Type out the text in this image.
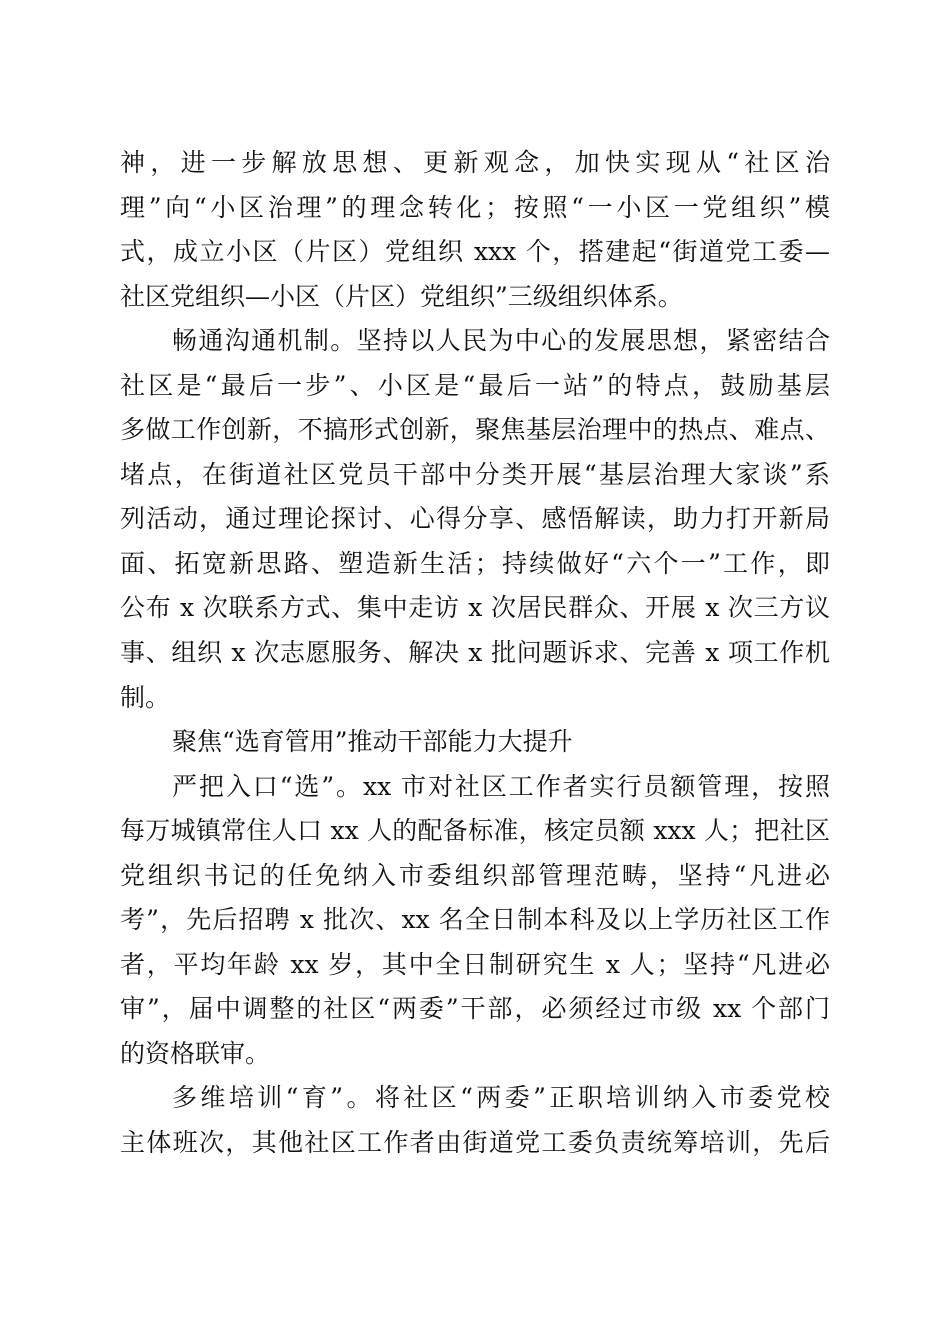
神，进一步解放思想、更新观念，加快实现从“社区治
理”向“小区治理”的理念转化；按照“一小区一党组织”模
式，成立小区（片区）党组织 xxx 个，搭建起“街道党工委—
社区党组织—小区（片区）党组织”三级组织体系。
畅通沟通机制。坚持以人民为中心的发展思想，紧密结合
社区是“最后一步”、小区是“最后一站”的特点，鼓励基层
多做工作创新，不搞形式创新，聚焦基层治理中的热点、难点、
堵点，在街道社区党员干部中分类开展“基层治理大家谈”系
列活动，通过理论探讨、心得分享、感悟解读，助力打开新局
面、拓宽新思路、塑造新生活；持续做好“六个一”工作，即
公布 x 次联系方式、集中走访 x 次居民群众、开展 x 次三方议
事、组织 x 次志愿服务、解决 x 批问题诉求、完善 x 项工作机
制。
聚焦“选育管用”推动干部能力大提升
严把入口“选”。xx 市对社区工作者实行员额管理，按照
每万城镇常住人口 xx 人的配备标准，核定员额 xxx 人；把社区
党组织书记的任免纳入市委组织部管理范畴，坚持“凡进必
考”，先后招聘 x 批次、xx 名全日制本科及以上学历社区工作
者，平均年龄 xx 岁，其中全日制研究生 x 人；坚持“凡进必
审”，届中调整的社区“两委”干部，必须经过市级 xx 个部门
的资格联审。
多维培训“育”。将社区“两委”正职培训纳入市委党校
主体班次，其他社区工作者由街道党工委负责统筹培训，先后
